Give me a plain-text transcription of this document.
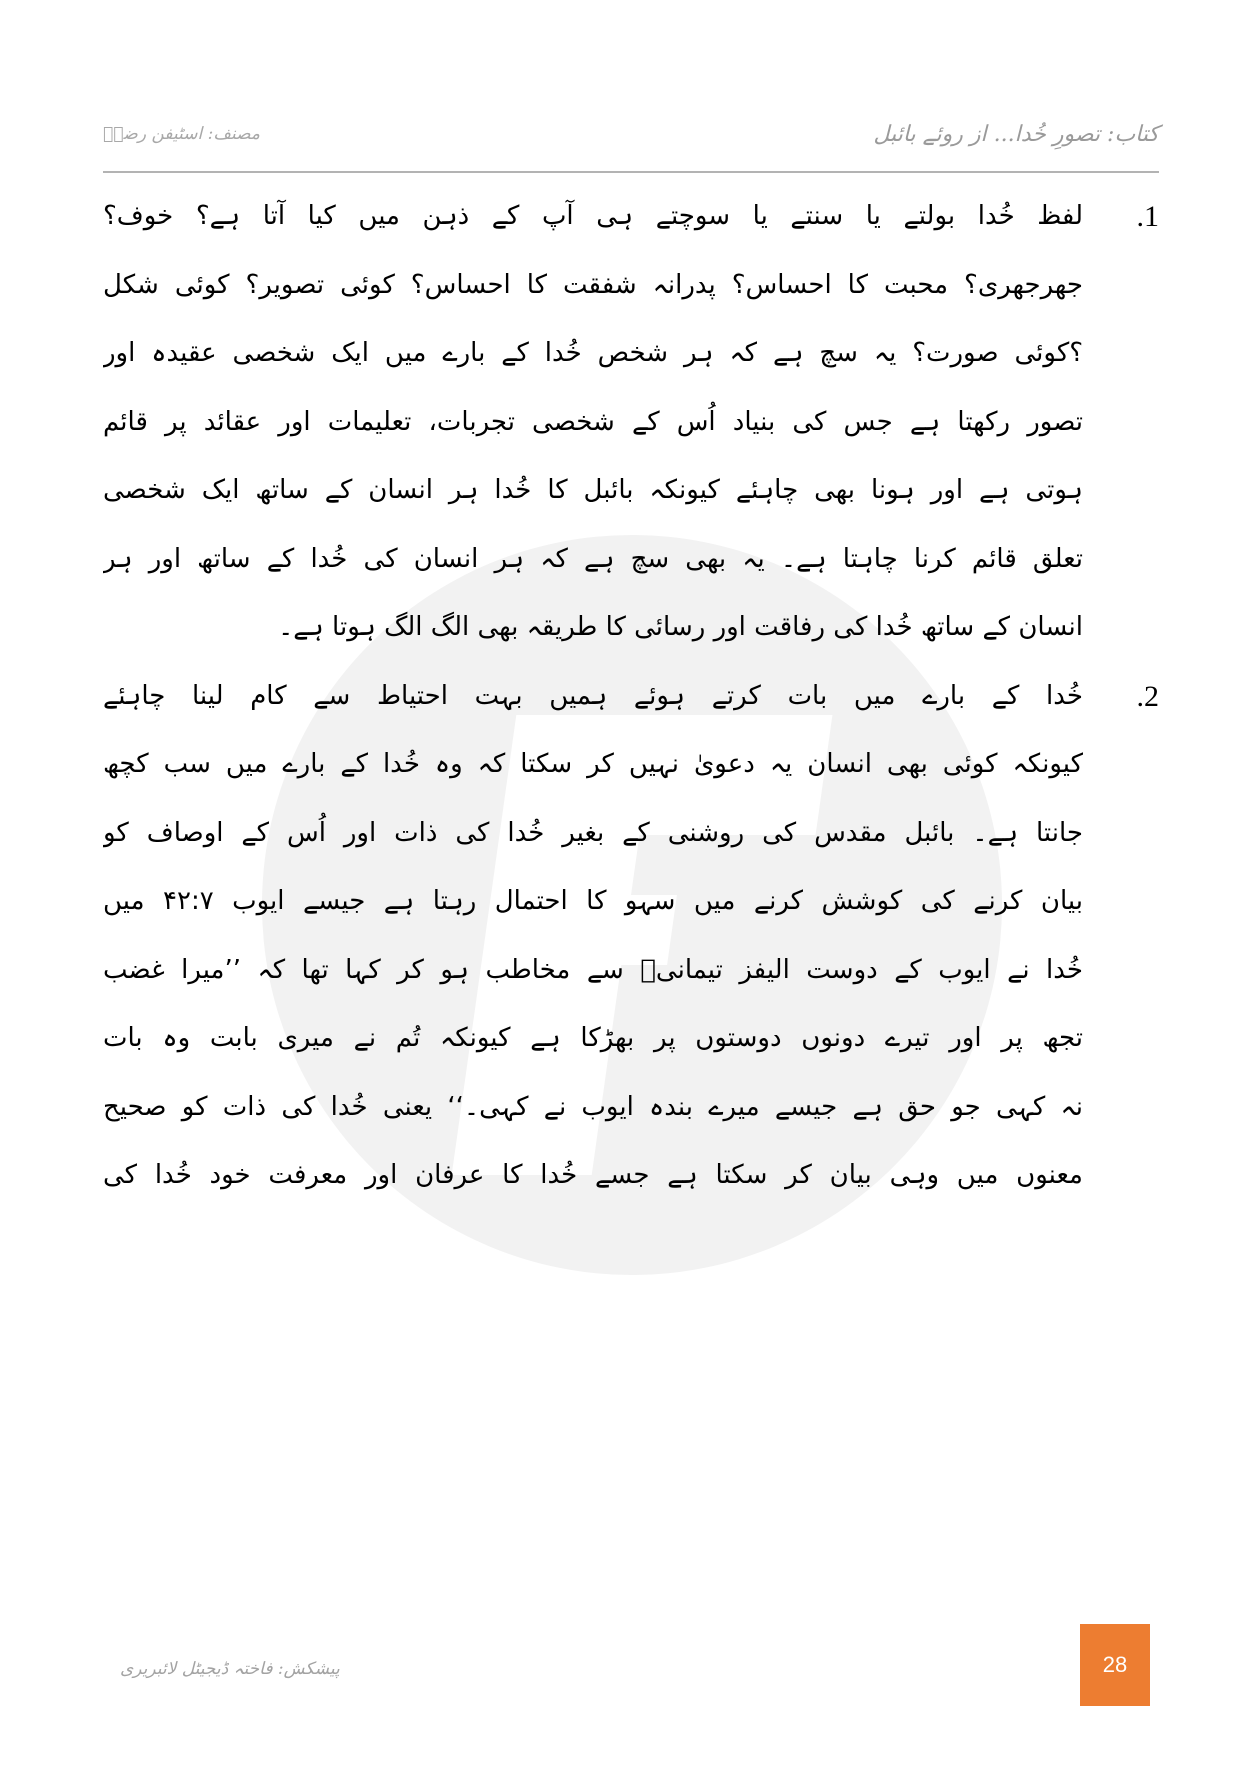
کتاب: تصورِ خُدا... از روئے بائبل
مصنف: اسٹیفن رضاؔ
.1
لفظ خُدا بولتے یا سنتے یا سوچتے ہی آپ کے ذہن میں کیا آتا ہے؟ خوف؟
جھرجھری؟ محبت کا احساس؟ پدرانہ شفقت کا احساس؟ کوئی تصویر؟ کوئی شکل
؟کوئی صورت؟ یہ سچ ہے کہ ہر شخص خُدا کے بارے میں ایک شخصی عقیدہ اور
تصور رکھتا ہے جس کی بنیاد اُس کے شخصی تجربات، تعلیمات اور عقائد پر قائم
ہوتی ہے اور ہونا بھی چاہئے کیونکہ بائبل کا خُدا ہر انسان کے ساتھ ایک شخصی
تعلق قائم کرنا چاہتا ہے۔ یہ بھی سچ ہے کہ ہر انسان کی خُدا کے ساتھ اور ہر
انسان کے ساتھ خُدا کی رفاقت اور رسائی کا طریقہ بھی الگ الگ ہوتا ہے۔
.2
خُدا کے بارے میں بات کرتے ہوئے ہمیں بہت احتیاط سے کام لینا چاہئے
کیونکہ کوئی بھی انسان یہ دعویٰ نہیں کر سکتا کہ وہ خُدا کے بارے میں سب کچھ
جانتا ہے۔ بائبل مقدس کی روشنی کے بغیر خُدا کی ذات اور اُس کے اوصاف کو
بیان کرنے کی کوشش کرنے میں سہو کا احتمال رہتا ہے جیسے ایوب ۴۲:۷ میں
خُدا نے ایوب کے دوست الیفز تیمانیؔ سے مخاطب ہو کر کہا تھا کہ ’’میرا غضب
تجھ پر اور تیرے دونوں دوستوں پر بھڑکا ہے کیونکہ تُم نے میری بابت وہ بات
نہ کہی جو حق ہے جیسے میرے بندہ ایوب نے کہی۔‘‘ یعنی خُدا کی ذات کو صحیح
معنوں میں وہی بیان کر سکتا ہے جسے خُدا کا عرفان اور معرفت خود خُدا کی
پیشکش: فاختہ ڈیجیٹل لائبریری	28
